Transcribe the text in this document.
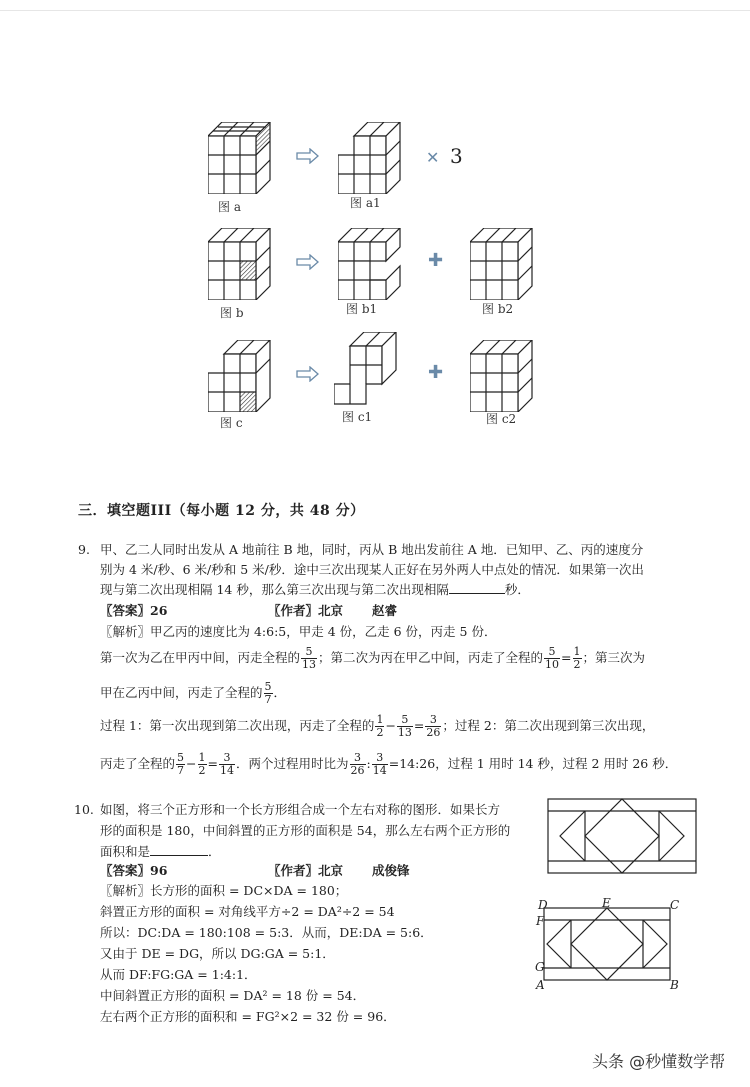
✕ 3
图 a	图 a1
✚
图 b	图 b1	图 b2
✚
图 c	图 c1	图 c2
三．填空题III（每小题 12 分，共 48 分）
9. 甲、乙二人同时出发从 A 地前往 B 地，同时，丙从 B 地出发前往 A 地．已知甲、乙、丙的速度分
别为 4 米/秒、6 米/秒和 5 米/秒．途中三次出现某人正好在另外两人中点处的情况．如果第一次出
现与第二次出现相隔 14 秒，那么第三次出现与第二次出现相隔	秒．
〖答案〗26	〖作者〗北京 赵睿
〖解析〗甲乙丙的速度比为 4:6:5，甲走 4 份，乙走 6 份，丙走 5 份．
第一次为乙在甲丙中间，丙走全程的 $\frac{5}{13}$ ；第二次为丙在甲乙中间，丙走了全程的 $\frac{5}{10} = \frac{1}{2}$ ；第三次为
甲在乙丙中间，丙走了全程的 $\frac{5}{7}$ ．
过程 1：第一次出现到第二次出现，丙走了全程的 $\frac{1}{2} - \frac{5}{13} = \frac{3}{26}$ ；过程 2：第二次出现到第三次出现，
丙走了全程的 $\frac{5}{7} - \frac{1}{2} = \frac{3}{14}$ ．两个过程用时比为 $\frac{3}{26}$ : $\frac{3}{14}$ =14:26，过程 1 用时 14 秒，过程 2 用时 26 秒．
10. 如图，将三个正方形和一个长方形组合成一个左右对称的图形．如果长方
形的面积是 180，中间斜置的正方形的面积是 54，那么左右两个正方形的
面积和是	．
〖答案〗96	〖作者〗北京 成俊锋
〖解析〗长方形的面积 = DC×DA = 180；
斜置正方形的面积 = 对角线平方÷2 = DA²÷2 = 54
所以：DC:DA = 180:108 = 5:3．从而，DE:DA = 5:6．
又由于 DE = DG，所以 DG:GA = 5:1．
从而 DF:FG:GA = 1:4:1．
中间斜置正方形的面积 = DA² = 18 份 = 54．
左右两个正方形的面积和 = FG²×2 = 32 份 = 96．
D	E	C
F
G
A	B
头条 @秒懂数学帮
